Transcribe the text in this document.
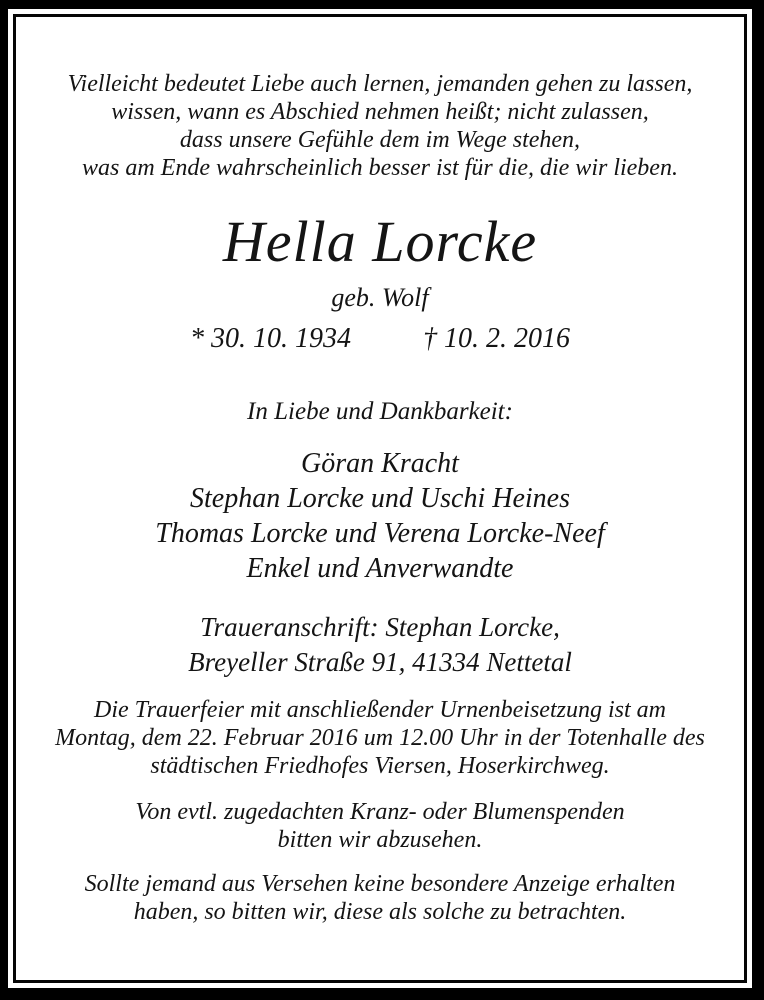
Vielleicht bedeutet Liebe auch lernen, jemanden gehen zu lassen,
wissen, wann es Abschied nehmen heißt; nicht zulassen,
dass unsere Gefühle dem im Wege stehen,
was am Ende wahrscheinlich besser ist für die, die wir lieben.
Hella Lorcke
geb. Wolf
* 30. 10. 1934	† 10. 2. 2016
In Liebe und Dankbarkeit:
Göran Kracht
Stephan Lorcke und Uschi Heines
Thomas Lorcke und Verena Lorcke-Neef
Enkel und Anverwandte
Traueranschrift: Stephan Lorcke,
Breyeller Straße 91, 41334 Nettetal
Die Trauerfeier mit anschließender Urnenbeisetzung ist am
Montag, dem 22. Februar 2016 um 12.00 Uhr in der Totenhalle des
städtischen Friedhofes Viersen, Hoserkirchweg.
Von evtl. zugedachten Kranz- oder Blumenspenden
bitten wir abzusehen.
Sollte jemand aus Versehen keine besondere Anzeige erhalten
haben, so bitten wir, diese als solche zu betrachten.
